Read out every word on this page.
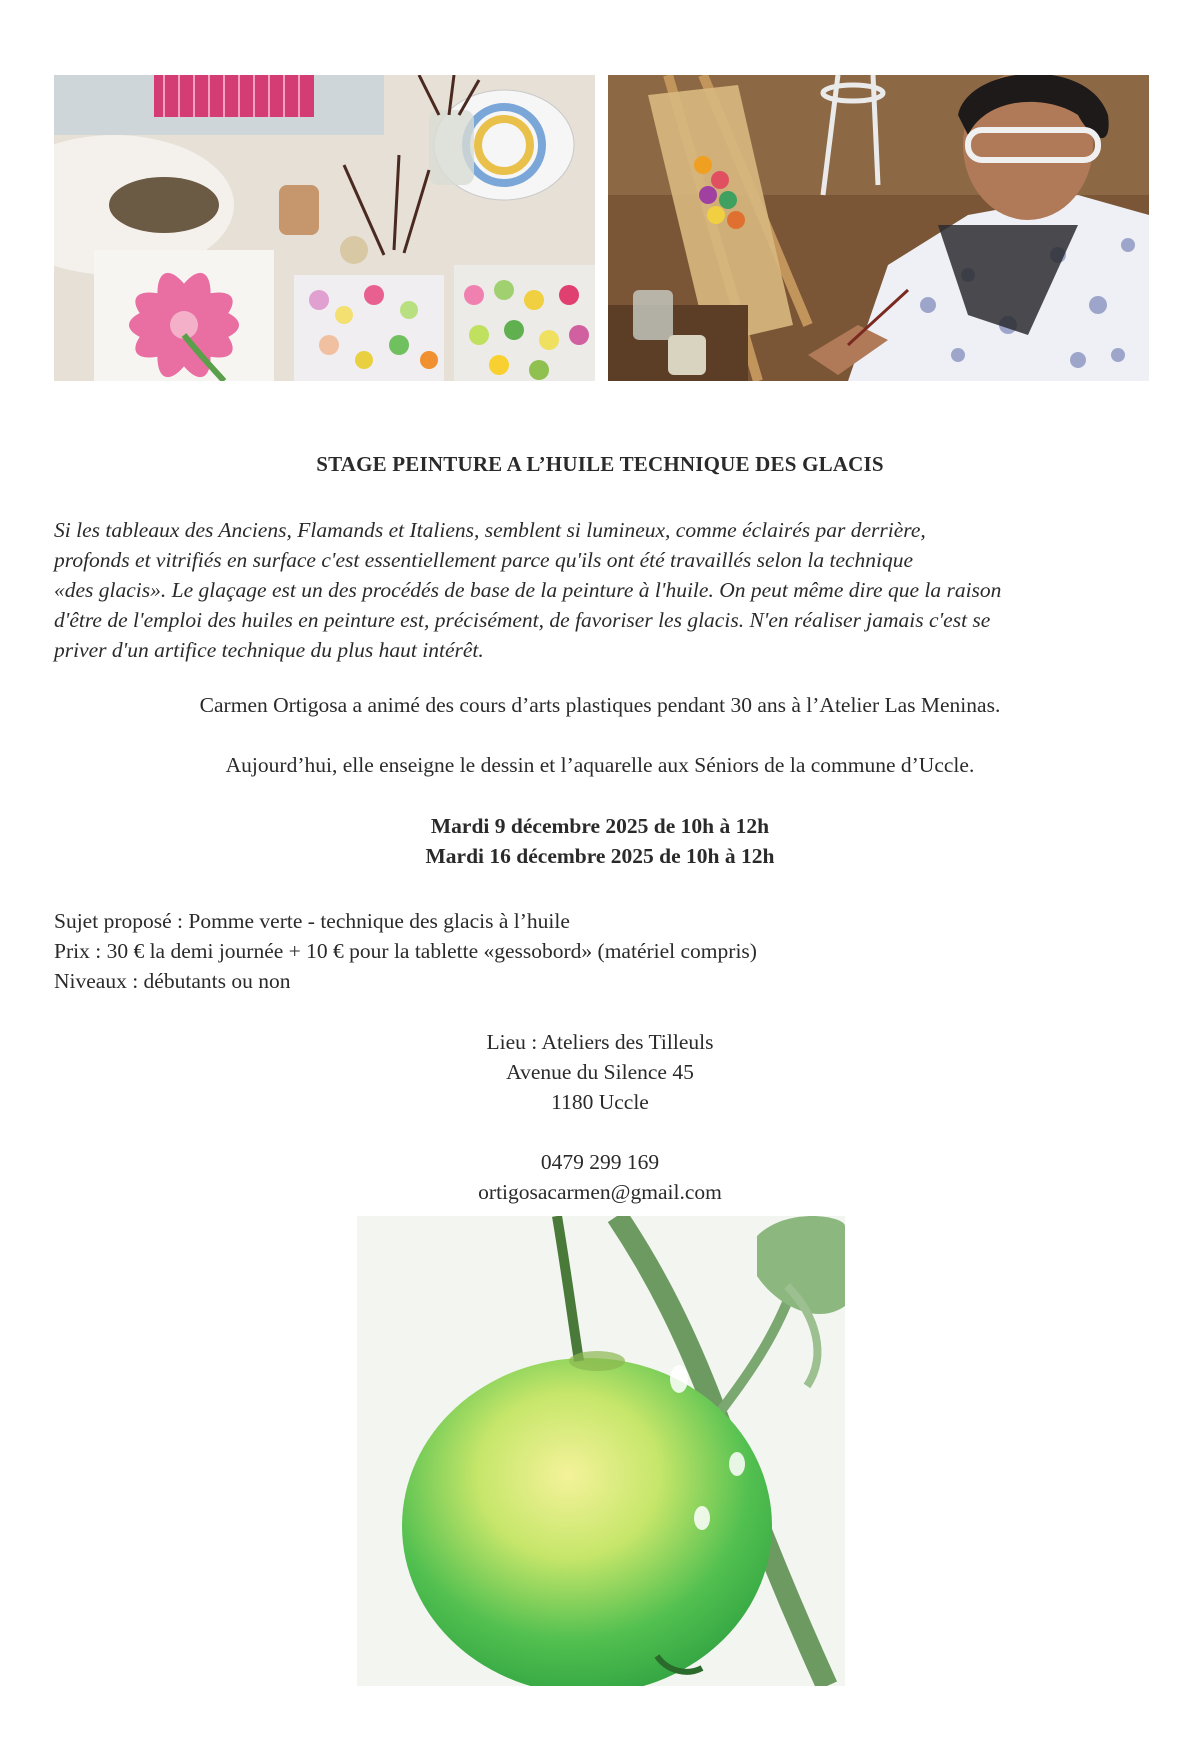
STAGE PEINTURE A L’HUILE TECHNIQUE DES GLACIS
Si les tableaux des Anciens, Flamands et Italiens, semblent si lumineux, comme éclairés par derrière,
profonds et vitrifiés en surface c'est essentiellement parce qu'ils ont été travaillés selon la technique
«des glacis». Le glaçage est un des procédés de base de la peinture à l'huile. On peut même dire que la raison
d'être de l'emploi des huiles en peinture est, précisément, de favoriser les glacis. N'en réaliser jamais c'est se
priver d'un artifice technique du plus haut intérêt.
Carmen Ortigosa a animé des cours d’arts plastiques pendant 30 ans à l’Atelier Las Meninas.
Aujourd’hui, elle enseigne le dessin et l’aquarelle aux Séniors de la commune d’Uccle.
Mardi 9 décembre 2025 de 10h à 12h
Mardi 16 décembre 2025 de 10h à 12h
Sujet proposé : Pomme verte - technique des glacis à l’huile
Prix : 30 € la demi journée + 10 € pour la tablette «gessobord» (matériel compris)
Niveaux : débutants ou non
Lieu : Ateliers des Tilleuls
Avenue du Silence 45
1180 Uccle
0479 299 169
ortigosacarmen@gmail.com
